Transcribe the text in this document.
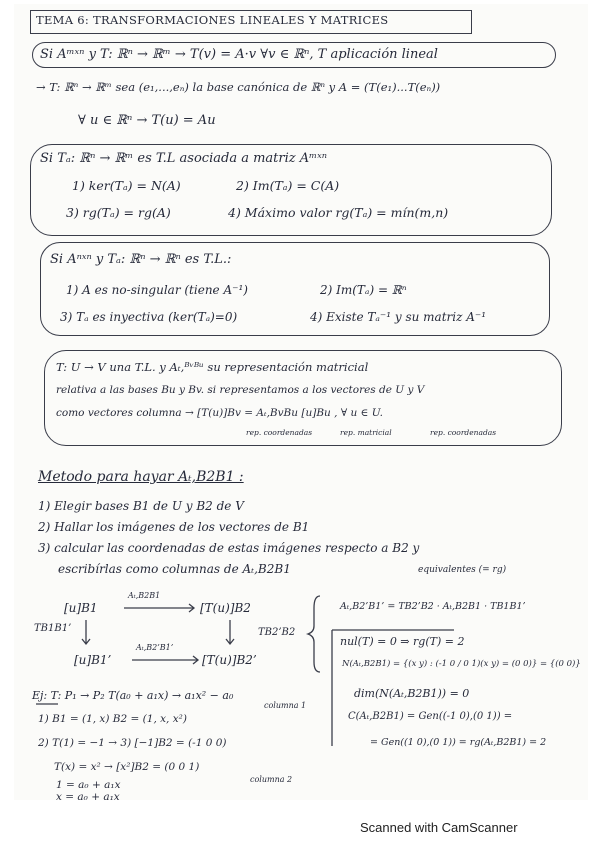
TEMA 6: TRANSFORMACIONES LINEALES Y MATRICES
Si Aᵐˣⁿ y T: ℝⁿ → ℝᵐ → T(v) = A·v ∀v ∈ ℝⁿ, T aplicación lineal
→ T: ℝⁿ → ℝᵐ sea (e₁,...,eₙ) la base canónica de ℝⁿ y A = (T(e₁)...T(eₙ))
∀ u ∈ ℝⁿ → T(u) = Au
Si Tₐ: ℝⁿ → ℝᵐ es T.L asociada a matriz Aᵐˣⁿ
1) ker(Tₐ) = N(A)	2) Im(Tₐ) = C(A)
3) rg(Tₐ) = rg(A)	4) Máximo valor rg(Tₐ) = mín(m,n)
Si Aⁿˣⁿ y Tₐ: ℝⁿ → ℝⁿ es T.L.:
1) A es no-singular (tiene A⁻¹)	2) Im(Tₐ) = ℝⁿ
3) Tₐ es inyectiva (ker(Tₐ)=0)	4) Existe Tₐ⁻¹ y su matriz A⁻¹
T: U → V una T.L. y Aₜ,ᴮᵛᴮᵘ su representación matricial
relativa a las bases Bu y Bv. si representamos a los vectores de U y V
como vectores columna → [T(u)]Bv = Aₜ,BvBu [u]Bu , ∀ u ∈ U.
rep. coordenadas	rep. matricial	rep. coordenadas
Metodo para hayar Aₜ,B2B1 :
1) Elegir bases B1 de U y B2 de V
2) Hallar los imágenes de los vectores de B1
3) calcular las coordenadas de estas imágenes respecto a B2 y
escribírlas como columnas de Aₜ,B2B1	equivalentes (= rg)
[u]B1
Aₜ,B2B1
[T(u)]B2
TB1B1’	TB2’B2
[u]B1’
Aₜ,B2’B1’
[T(u)]B2’
Aₜ,B2’B1’ = TB2’B2 · Aₜ,B2B1 · TB1B1’
nul(T) = 0 ⇒ rg(T) = 2
N(Aₜ,B2B1) = {(x y) : (-1 0 / 0 1)(x y) = (0 0)} = {(0 0)}
dim(N(Aₜ,B2B1)) = 0
C(Aₜ,B2B1) = Gen((-1 0),(0 1)) =
= Gen((1 0),(0 1)) = rg(Aₜ,B2B1) = 2
Ej: T: P₁ → P₂ T(a₀ + a₁x) → a₁x² − a₀
1) B1 = (1, x) B2 = (1, x, x²)
2) T(1) = −1 → 3) [−1]B2 = (-1 0 0)
T(x) = x² → [x²]B2 = (0 0 1)
1 = a₀ + a₁x
x = a₀ + a₁x
columna 1
columna 2
Scanned with CamScanner
